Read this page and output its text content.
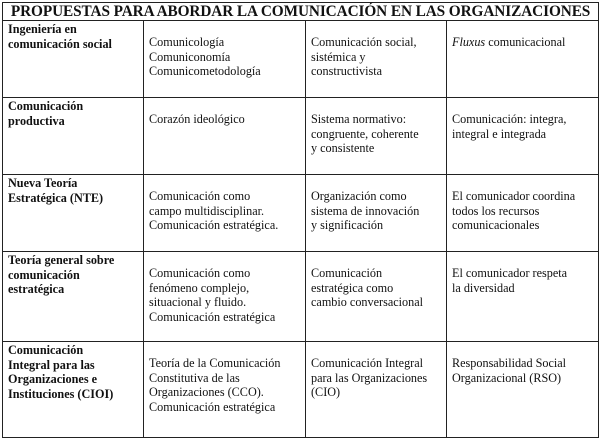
PROPUESTAS PARA ABORDAR LA COMUNICACIÓN EN LAS ORGANIZACIONES			

Ingeniería en
comunicación social	Comunicología
Comuniconomía
Comunicometodología	Comunicación social,
sistémica y
constructivista	Fluxus comunicacional

Comunicación
productiva	Corazón ideológico	Sistema normativo:
congruente, coherente
y consistente	Comunicación: integra,
integral e integrada

Nueva Teoría
Estratégica (NTE)	Comunicación como
campo multidisciplinar.
Comunicación estratégica.	Organización como
sistema de innovación
y significación	El comunicador coordina
todos los recursos
comunicacionales

Teoría general sobre
comunicación
estratégica	Comunicación como
fenómeno complejo,
situacional y fluido.
Comunicación estratégica	Comunicación
estratégica como
cambio conversacional	El comunicador respeta
la diversidad

Comunicación
Integral para las
Organizaciones e
Instituciones (CIOI)	Teoría de la Comunicación
Constitutiva de las
Organizaciones (CCO).
Comunicación estratégica	Comunicación Integral
para las Organizaciones
(CIO)	Responsabilidad Social
Organizacional (RSO)
